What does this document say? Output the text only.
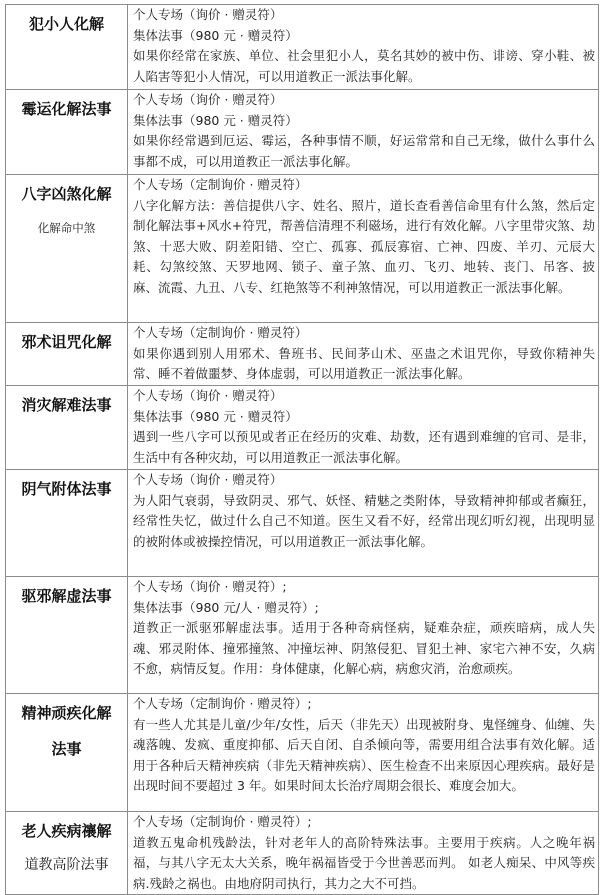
犯小人化解	个人专场（询价 · 赠灵符）
集体法事（980 元 · 赠灵符）
如果你经常在家族、单位、社会里犯小人，莫名其妙的被中伤、诽谤、穿小鞋、被人陷害等犯小人情况，可以用道教正一派法事化解。

霉运化解法事	个人专场（询价 · 赠灵符）
集体法事（980 元 · 赠灵符）
如果你经常遇到厄运、霉运，各种事情不顺，好运常常和自己无缘，做什么事什么事都不成，可以用道教正一派法事化解。

八字凶煞化解
化解命中煞	个人专场（定制询价 · 赠灵符）
八字化解方法：善信提供八字、姓名、照片，道长查看善信命里有什么煞，然后定制化解法事+风水+符咒，帮善信清理不利磁场，进行有效化解。八字里带灾煞、劫煞、十恶大败、阴差阳错、空亡、孤寡、孤辰寡宿、亡神、四废、羊刃、元辰大耗、勾煞绞煞、天罗地网、锁子、童子煞、血刃、飞刃、地转、丧门、吊客、披麻、流霞、九丑、八专、红艳煞等不利神煞情况，可以用道教正一派法事化解。

邪术诅咒化解	个人专场（定制询价 · 赠灵符）
如果你遇到别人用邪术、鲁班书、民间茅山术、巫蛊之术诅咒你，导致你精神失常、睡不着做噩梦、身体虚弱，可以用道教正一派法事化解。

消灾解难法事	个人专场（询价 · 赠灵符）
集体法事（980 元 · 赠灵符）
遇到一些八字可以预见或者正在经历的灾难、劫数，还有遇到难缠的官司、是非，生活中有各种灾劫，可以用道教正一派法事化解。

阴气附体法事	个人专场（询价 · 赠灵符）
为人阳气衰弱，导致阴灵、邪气、妖怪、精魅之类附体，导致精神抑郁或者癫狂，经常性失忆，做过什么自己不知道。医生又看不好，经常出现幻听幻视，出现明显的被附体或被操控情况，可以用道教正一派法事化解。

驱邪解虚法事	个人专场（询价 · 赠灵符）;
集体法事（980 元/人 · 赠灵符）;
道教正一派驱邪解虚法事。适用于各种奇病怪病，疑难杂症，顽疾暗病，成人失魂、邪灵附体、撞邪撞煞、冲撞坛神、阴煞侵犯、冒犯土神、家宅六神不安，久病不愈，病情反复。作用：身体健康，化解心病，病愈灾消，治愈顽疾。

精神顽疾化解
法事	个人专场（定制询价 · 赠灵符）;
有一些人尤其是儿童/少年/女性，后天（非先天）出现被附身、鬼怪缠身、仙缠、失魂落魄、发疯、重度抑郁、后天自闭、自杀倾向等，需要用组合法事有效化解。适用于各种后天精神疾病（非先天精神疾病）、医生检查不出来原因心理疾病。最好是出现时间不要超过 3 年。如果时间太长治疗周期会很长、难度会加大。

老人疾病禳解
道教高阶法事	个人专场（定制询价 · 赠灵符）;
道教五鬼命机残龄法，针对老年人的高阶特殊法事。主要用于疾病。人之晚年祸福，与其八字无太大关系，晚年祸福皆受于今世善恶而判。 如老人痴呆、中风等疾病.残龄之祸也。由地府阴司执行，其力之大不可挡。
